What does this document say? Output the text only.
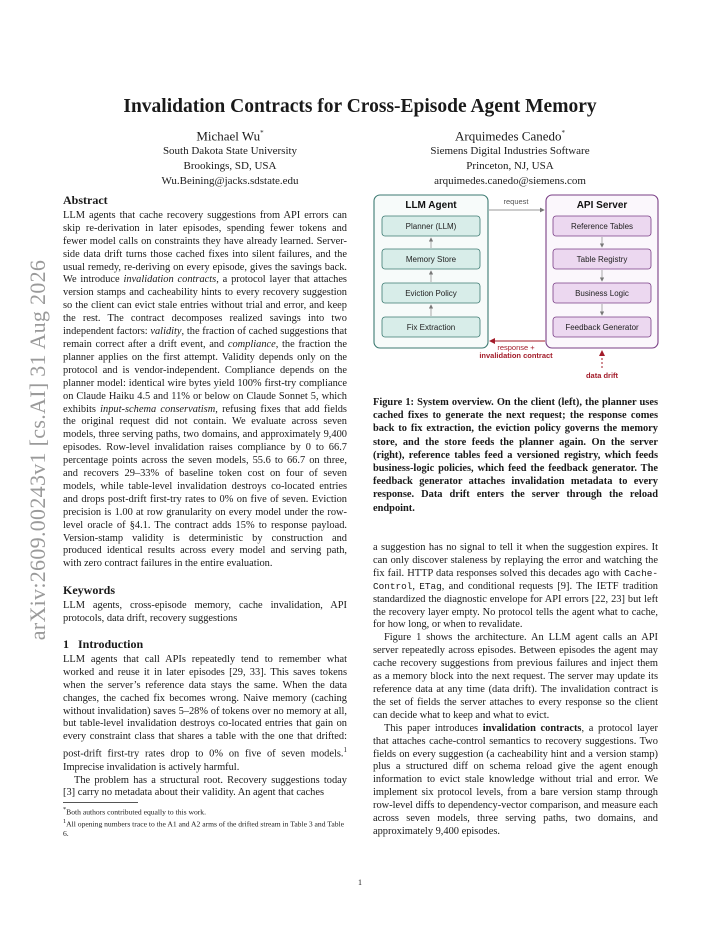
arXiv:2609.00243v1 [cs.AI] 31 Aug 2026
Invalidation Contracts for Cross-Episode Agent Memory
Michael Wu*
South Dakota State University
Brookings, SD, USA
Wu.Beining@jacks.sdstate.edu
Arquimedes Canedo*
Siemens Digital Industries Software
Princeton, NJ, USA
arquimedes.canedo@siemens.com
Abstract

LLM agents that cache recovery suggestions from API errors can skip re-derivation in later episodes, spending fewer tokens and fewer model calls on constraints they have already learned. Server-side data drift turns those cached fixes into silent failures, and the usual remedy, re-deriving on every episode, gives the savings back. We introduce invalidation contracts, a protocol layer that attaches version stamps and cacheability hints to every recovery suggestion so the client can evict stale entries without trial and error, and keep the rest. The contract decomposes realized savings into two independent factors: validity, the fraction of cached suggestions that remain correct after a drift event, and compliance, the fraction the planner applies on the first attempt. Validity depends only on the protocol and is vendor-independent. Compliance depends on the planner model: identical wire bytes yield 100% first-try compliance on Claude Haiku 4.5 and 11% or below on Claude Sonnet 5, which exhibits input-schema conservatism, refusing fixes that add fields the original request did not contain. We evaluate across seven models, three serving paths, two domains, and approximately 9,400 episodes. Row-level invalidation raises compliance by 0 to 66.7 percentage points across the seven models, 55.6 to 66.7 on three, and recovers 29–33% of baseline token cost on four of seven models, while table-level invalidation destroys co-located entries and drops post-drift first-try rates to 0% on five of seven. Eviction precision is 1.00 at row granularity on every model under the row-level oracle of §4.1. The contract adds 15% to response payload. Version-stamp validity is deterministic by construction and produced identical results across every model and serving path, with zero contract failures in the entire evaluation.

Keywords

LLM agents, cross-episode memory, cache invalidation, API protocols, data drift, recovery suggestions

1 Introduction

LLM agents that call APIs repeatedly tend to remember what worked and reuse it in later episodes [29, 33]. This saves tokens when the server’s reference data stays the same. When the data changes, the cached fix becomes wrong. Naive memory (caching without invalidation) saves 5–28% of tokens over no memory at all, but table-level invalidation destroys co-located entries that gain on every constraint class that shares a table with the one that drifted: post-drift first-try rates drop to 0% on five of seven models.$^1$ Imprecise invalidation is actively harmful.

The problem has a structural root. Recovery suggestions today [3] carry no metadata about their validity. An agent that caches

*Both authors contributed equally to this work.
$^1$All opening numbers trace to the A1 and A2 arms of the drifted stream in Table 3 and Table 6.
LLM Agent
Planner (LLM)
Memory Store
Eviction Policy
Fix Extraction
API Server
Reference Tables
Table Registry
Business Logic
Feedback Generator
request
response +
invalidation contract
data drift
Figure 1: System overview. On the client (left), the planner uses cached fixes to generate the next request; the response comes back to fix extraction, the eviction policy governs the memory store, and the store feeds the planner again. On the server (right), reference tables feed a versioned registry, which feeds business-logic policies, which feed the feedback generator. The feedback generator attaches invalidation metadata to every response. Data drift enters the server through the reload endpoint.

a suggestion has no signal to tell it when the suggestion expires. It can only discover staleness by replaying the error and watching the fix fail. HTTP data responses solved this decades ago with Cache-Control, ETag, and conditional requests [9]. The IETF tradition standardized the diagnostic envelope for API errors [22, 23] but left the recovery layer empty. No protocol tells the agent what to cache, for how long, or when to revalidate.

Figure 1 shows the architecture. An LLM agent calls an API server repeatedly across episodes. Between episodes the agent may cache recovery suggestions from previous failures and inject them as a memory block into the next request. The server may update its reference data at any time (data drift). The invalidation contract is the set of fields the server attaches to every response so the client can decide what to keep and what to evict.

This paper introduces invalidation contracts, a protocol layer that attaches cache-control semantics to recovery suggestions. Two fields on every suggestion (a cacheability hint and a version stamp) plus a structured diff on schema reload give the agent enough information to evict stale knowledge without trial and error. We implement six protocol levels, from a bare version stamp through row-level diffs to dependency-vector comparison, and measure each across seven models, three serving paths, two domains, and approximately 9,400 episodes.

1
